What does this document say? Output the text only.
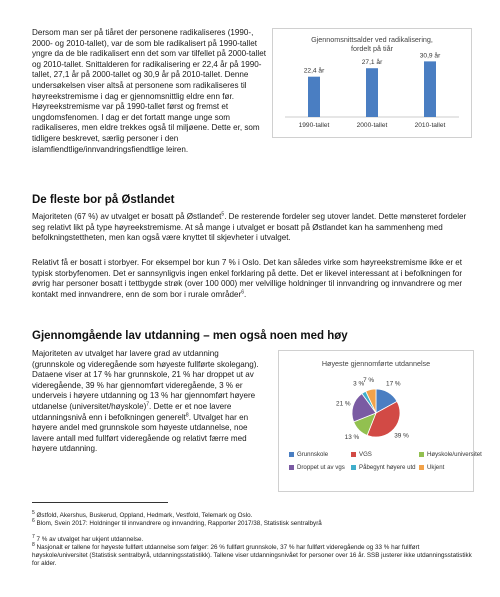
Dersom man ser på tiåret der personene radikaliseres (1990-, 2000- og 2010-tallet), var de som ble radikalisert på 1990-tallet yngre da de ble radikalisert enn det som var tilfellet på 2000-tallet og 2010-tallet. Snittalderen for radikalisering er 22,4 år på 1990-tallet, 27,1 år på 2000-tallet og 30,9 år på 2010-tallet. Denne undersøkelsen viser altså at personene som radikaliseres til høyreekstremisme i dag er gjennomsnittlig eldre enn før. Høyreekstremisme var på 1990-tallet først og fremst et ungdomsfenomen. I dag er det fortatt mange unge som radikaliseres, men eldre trekkes også til miljøene. Dette er, som tidligere beskrevet, særlig personer i den islamfiendtlige/innvandringsfiendtlige leiren.

Gjennomsnittsalder ved radikalisering, fordelt på tiår
22,4 år
1990-tallet
27,1 år
2000-tallet
30,9 år
2010-tallet
De fleste bor på Østlandet

Majoriteten (67 %) av utvalget er bosatt på Østlandet$^5$. De resterende fordeler seg utover landet. Dette mønsteret fordeler seg relativt likt på type høyreekstremisme. At så mange i utvalget er bosatt på Østlandet kan ha sammenheng med befolkningstettheten, men kan også være knyttet til skjevheter i utvalget.

Relativt få er bosatt i storbyer. For eksempel bor kun 7 % i Oslo. Det kan således virke som høyreekstremisme ikke er et typisk storbyfenomen. Det er sannsynligvis ingen enkel forklaring på dette. Det er likevel interessant at i befolkningen for øvrig har personer bosatt i tettbygde strøk (over 100 000) mer velvillige holdninger til innvandring og innvandrere og mer kontakt med innvandrere, enn de som bor i rurale områder$^6$.

Gjennomgående lav utdanning – men også noen med høy

Majoriteten av utvalget har lavere grad av utdanning (grunnskole og videregående som høyeste fullførte skolegang). Dataene viser at 17 % har grunnskole, 21 % har droppet ut av videregående, 39 % har gjennomført videregående, 3 % er underveis i høyere utdanning og 13 % har gjennomført høyere utdanelse (universitet/høyskole)$^7$. Dette er et noe lavere utdanningsnivå enn i befolkningen generelt$^8$. Utvalget har en høyere andel med grunnskole som høyeste utdannelse, noe lavere antall med fullført videregående og relativt færre med høyere utdanning.

Høyeste gjennomførte utdannelse
17 %
39 %
13 %
21 %
3 %
7 %
Grunnskole	VGS	Høyskole/universitet
Droppet ut av vgs Påbegynt høyere utd Ukjent
$^5$ Østfold, Akershus, Buskerud, Oppland, Hedmark, Vestfold, Telemark og Oslo.
$^6$ Blom, Svein 2017: Holdninger til innvandrere og innvandring, Rapporter 2017/38, Statistisk sentralbyrå
$^7$ 7 % av utvalget har ukjent utdannelse.
$^8$ Nasjonalt er tallene for høyeste fullført utdannelse som følger: 26 % fullført grunnskole, 37 % har fullført videregående og 33 % har fullført høyskole/universitet (Statistisk sentralbyrå, utdanningsstatistikk). Tallene viser utdanningsnivået for personer over 16 år. SSB justerer ikke utdanningsstatistikk for alder.
